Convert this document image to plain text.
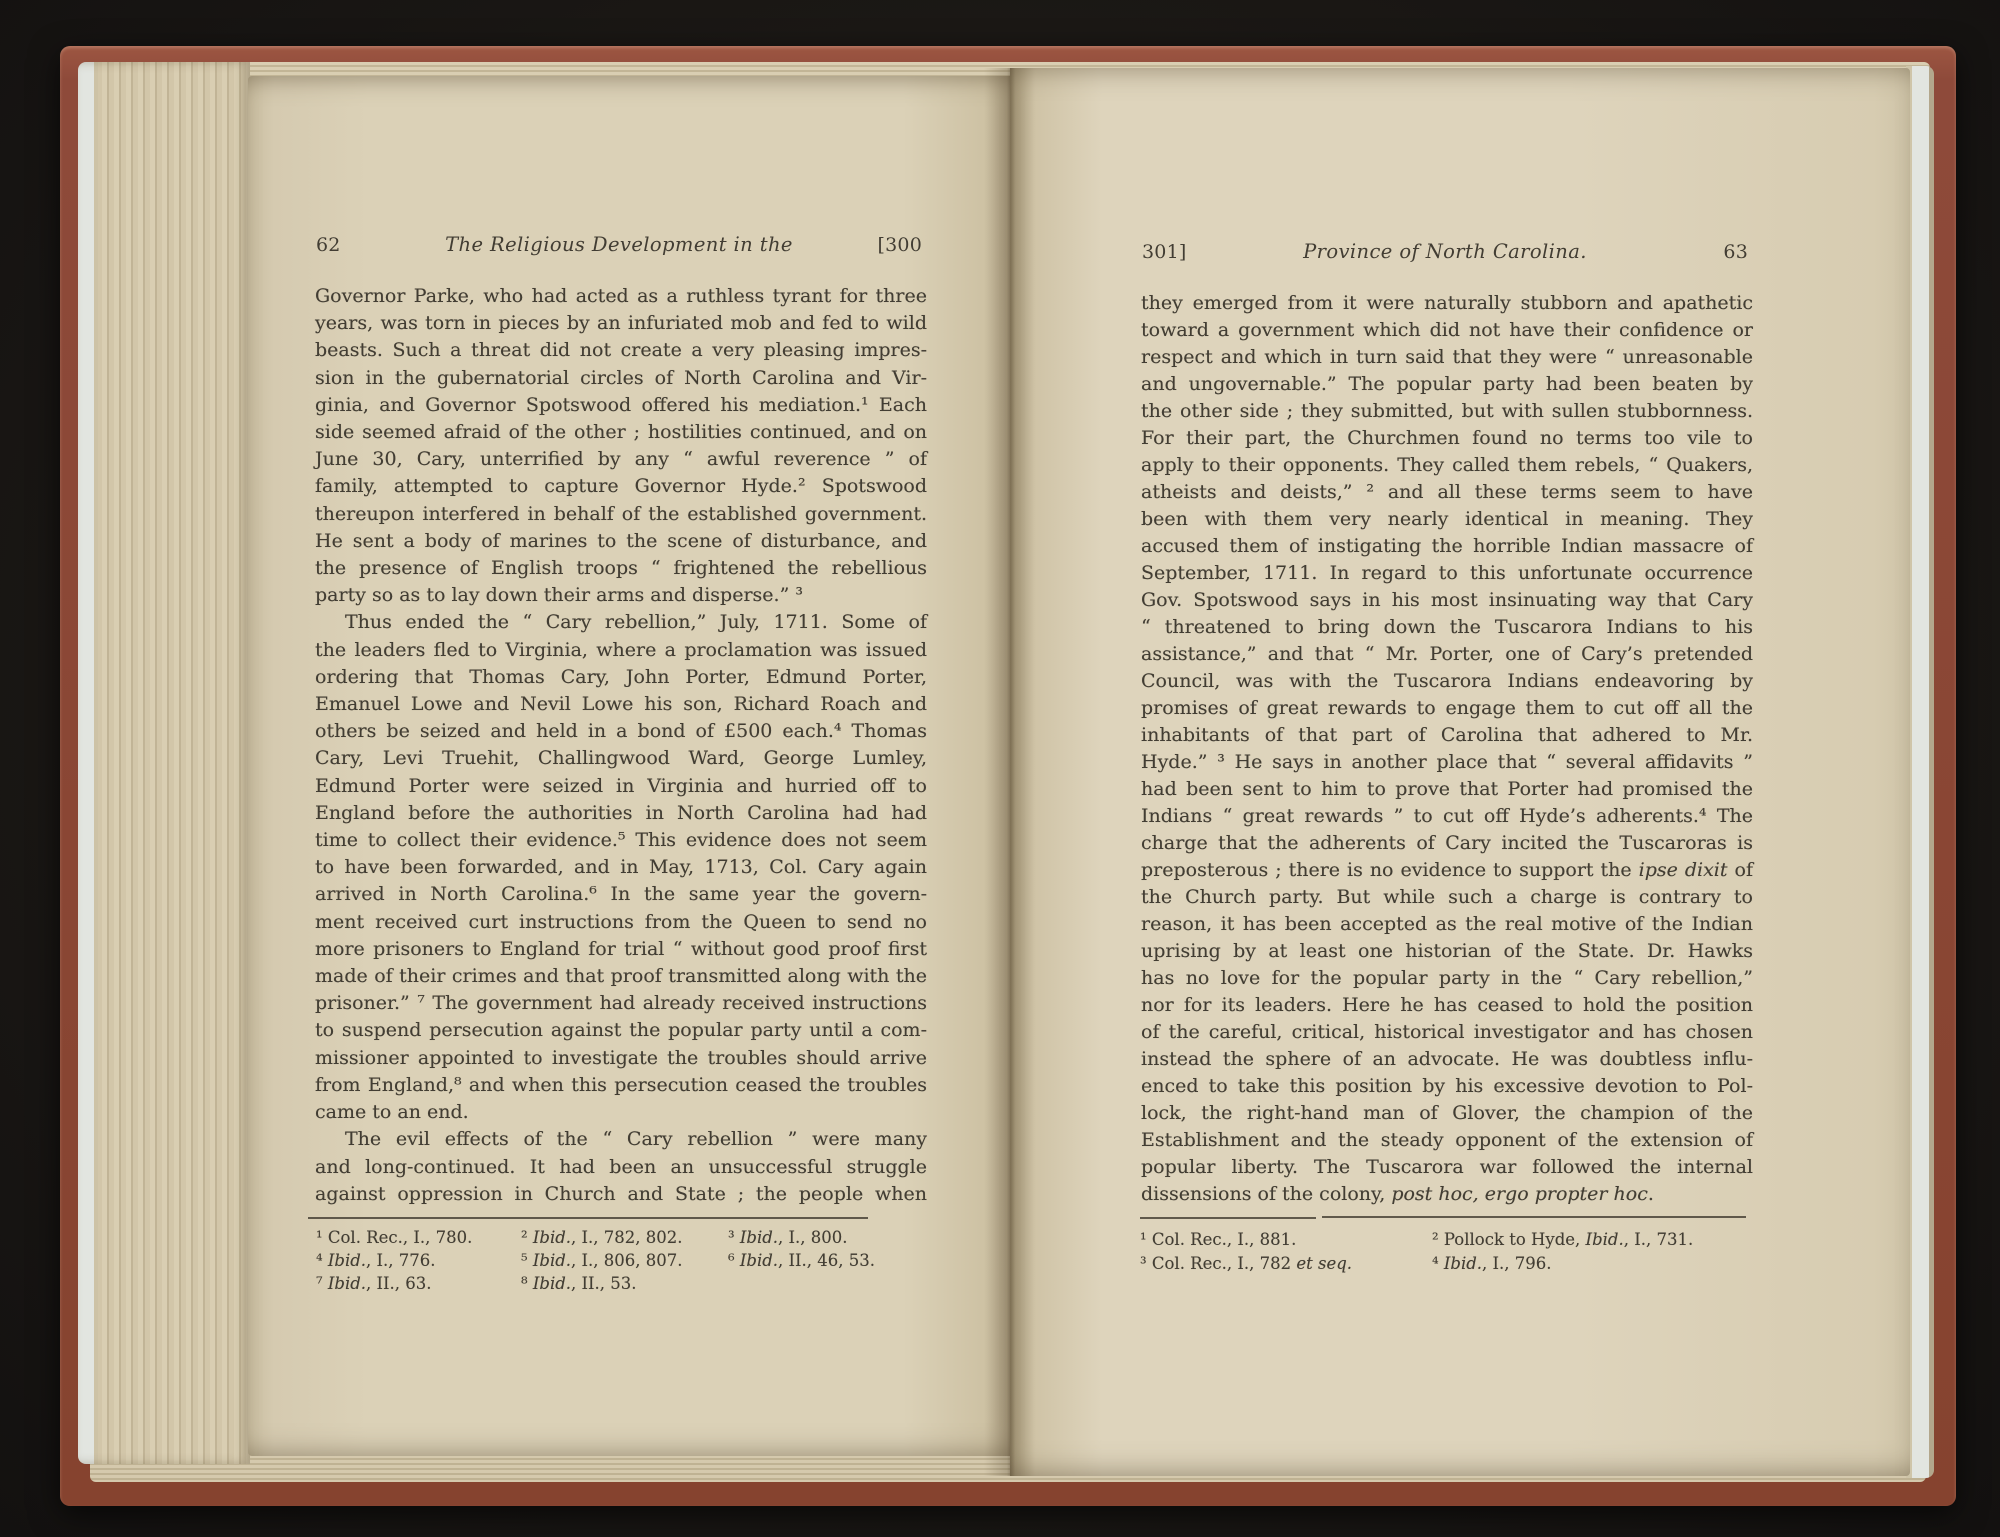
62	The Religious Development in the	[300
Governor Parke, who had acted as a ruthless tyrant for three
years, was torn in pieces by an infuriated mob and fed to wild
beasts. Such a threat did not create a very pleasing impres-
sion in the gubernatorial circles of North Carolina and Vir-
ginia, and Governor Spotswood offered his mediation.¹ Each
side seemed afraid of the other ; hostilities continued, and on
June 30, Cary, unterrified by any “ awful reverence ” of
family, attempted to capture Governor Hyde.² Spotswood
thereupon interfered in behalf of the established government.
He sent a body of marines to the scene of disturbance, and
the presence of English troops “ frightened the rebellious
party so as to lay down their arms and disperse.” ³
Thus ended the “ Cary rebellion,” July, 1711. Some of
the leaders fled to Virginia, where a proclamation was issued
ordering that Thomas Cary, John Porter, Edmund Porter,
Emanuel Lowe and Nevil Lowe his son, Richard Roach and
others be seized and held in a bond of £500 each.⁴ Thomas
Cary, Levi Truehit, Challingwood Ward, George Lumley,
Edmund Porter were seized in Virginia and hurried off to
England before the authorities in North Carolina had had
time to collect their evidence.⁵ This evidence does not seem
to have been forwarded, and in May, 1713, Col. Cary again
arrived in North Carolina.⁶ In the same year the govern-
ment received curt instructions from the Queen to send no
more prisoners to England for trial “ without good proof first
made of their crimes and that proof transmitted along with the
prisoner.” ⁷ The government had already received instructions
to suspend persecution against the popular party until a com-
missioner appointed to investigate the troubles should arrive
from England,⁸ and when this persecution ceased the troubles
came to an end.
The evil effects of the “ Cary rebellion ” were many
and long-continued. It had been an unsuccessful struggle
against oppression in Church and State ; the people when
¹ Col. Rec., I., 780.	² Ibid., I., 782, 802.	³ Ibid., I., 800.
⁴ Ibid., I., 776.	⁵ Ibid., I., 806, 807.	⁶ Ibid., II., 46, 53.
⁷ Ibid., II., 63.	⁸ Ibid., II., 53.
301]	Province of North Carolina.	63
they emerged from it were naturally stubborn and apathetic
toward a government which did not have their confidence or
respect and which in turn said that they were “ unreasonable
and ungovernable.” The popular party had been beaten by
the other side ; they submitted, but with sullen stubbornness.
For their part, the Churchmen found no terms too vile to
apply to their opponents. They called them rebels, “ Quakers,
atheists and deists,” ² and all these terms seem to have
been with them very nearly identical in meaning. They
accused them of instigating the horrible Indian massacre of
September, 1711. In regard to this unfortunate occurrence
Gov. Spotswood says in his most insinuating way that Cary
“ threatened to bring down the Tuscarora Indians to his
assistance,” and that “ Mr. Porter, one of Cary’s pretended
Council, was with the Tuscarora Indians endeavoring by
promises of great rewards to engage them to cut off all the
inhabitants of that part of Carolina that adhered to Mr.
Hyde.” ³ He says in another place that “ several affidavits ”
had been sent to him to prove that Porter had promised the
Indians “ great rewards ” to cut off Hyde’s adherents.⁴ The
charge that the adherents of Cary incited the Tuscaroras is
preposterous ; there is no evidence to support the ipse dixit of
the Church party. But while such a charge is contrary to
reason, it has been accepted as the real motive of the Indian
uprising by at least one historian of the State. Dr. Hawks
has no love for the popular party in the “ Cary rebellion,”
nor for its leaders. Here he has ceased to hold the position
of the careful, critical, historical investigator and has chosen
instead the sphere of an advocate. He was doubtless influ-
enced to take this position by his excessive devotion to Pol-
lock, the right-hand man of Glover, the champion of the
Establishment and the steady opponent of the extension of
popular liberty. The Tuscarora war followed the internal
dissensions of the colony, post hoc, ergo propter hoc.
¹ Col. Rec., I., 881.	² Pollock to Hyde, Ibid., I., 731.
³ Col. Rec., I., 782 et seq.	⁴ Ibid., I., 796.
